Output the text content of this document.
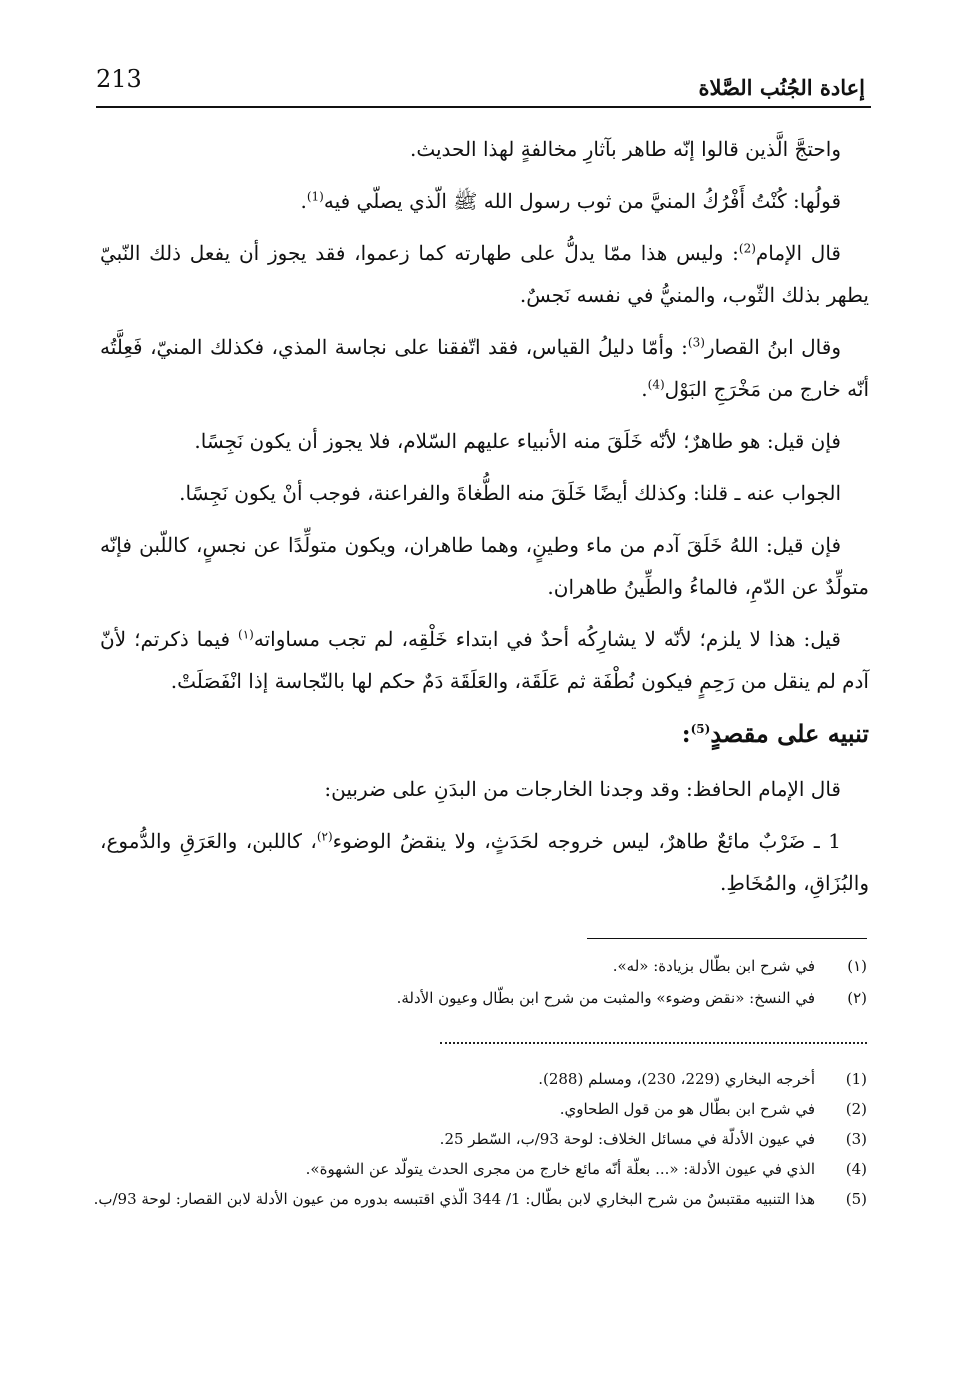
213	إعادة الجُنُب الصَّلاة

واحتجَّ الَّذين قالوا إنّه طاهر بآثارِ مخالفةٍ لهذا الحديث.

قولُها: كُنْتُ أَفْرُكُ المنيَّ من ثوب رسول الله ﷺ الّذي يصلّي فيه$^{(1)}$.

قال الإمام$^{(2)}$: وليس هذا ممّا يدلُّ على طهارته كما زعموا، فقد يجوز أن يفعل ذلك النّبيّ يطهر بذلك الثّوب، والمنيُّ في نفسه نَجسٌ.

وقال ابنُ القصار$^{(3)}$: وأمّا دليلُ القياس، فقد اتّفقنا على نجاسة المذي، فكذلك المنيّ، فَعِلَّتُه أنّه خارج من مَخْرَجِ البَوْل$^{(4)}$.

فإن قيل: هو طاهرٌ؛ لأنّه خَلَقَ منه الأنبياء عليهم السّلام، فلا يجوز أن يكون نَجِسًا.

الجواب عنه ـ قلنا: وكذلك أيضًا خَلَقَ منه الطُّغاةَ والفراعنة، فوجب أنْ يكون نَجِسًا.

فإن قيل: اللهُ خَلَقَ آدم من ماء وطينٍ، وهما طاهران، ويكون متولِّدًا عن نجسٍ، كاللّبن فإنّه متولِّدٌ عن الدّمِ، فالماءُ والطِّينُ طاهران.

قيل: هذا لا يلزم؛ لأنّه لا يشارِكُه أحدٌ في ابتداء خَلْقِه، لم تجب مساواته$^{(١)}$ فيما ذكرتم؛ لأنّ آدم لم ينقل من رَحِمٍ فيكون نُطْفَة ثم عَلَقَة، والعَلَقَة دَمٌ حكم لها بالنّجاسة إذا انْفَصَلَتْ.

تنبيه على مقصدٍ$^{(5)}$:

قال الإمام الحافظ: وقد وجدنا الخارجات من البدَنِ على ضربين:

1 ـ ضَرْبٌ مائعٌ طاهرٌ، ليس خروجه لحَدَثٍ، ولا ينقضُ الوضوء$^{(٢)}$، كاللبن، والعَرَقِ والدُّموع، والبُزَاقِ، والمُخَاطِ.

(١)
في شرح ابن بطّال بزيادة: «له».
(٢)
في النسخ: «نقض وضوء» والمثبت من شرح ابن بطّال وعيون الأدلة.
(1)
أخرجه البخاري (229، 230)، ومسلم (288).
(2)
في شرح ابن بطّال هو من قول الطحاوي.
(3)
في عيون الأدلّة في مسائل الخلاف: لوحة 93/ب، السّطر 25.
(4)
الذي في عيون الأدلة: «... بعلّة أنّه مائع خارج من مجرى الحدث يتولّد عن الشهوة».
(5)
هذا التنبيه مقتبسٌ من شرح البخاري لابن بطّال: 1/ 344 الّذي اقتبسه بدوره من عيون الأدلة لابن القصار: لوحة 93/ب.
